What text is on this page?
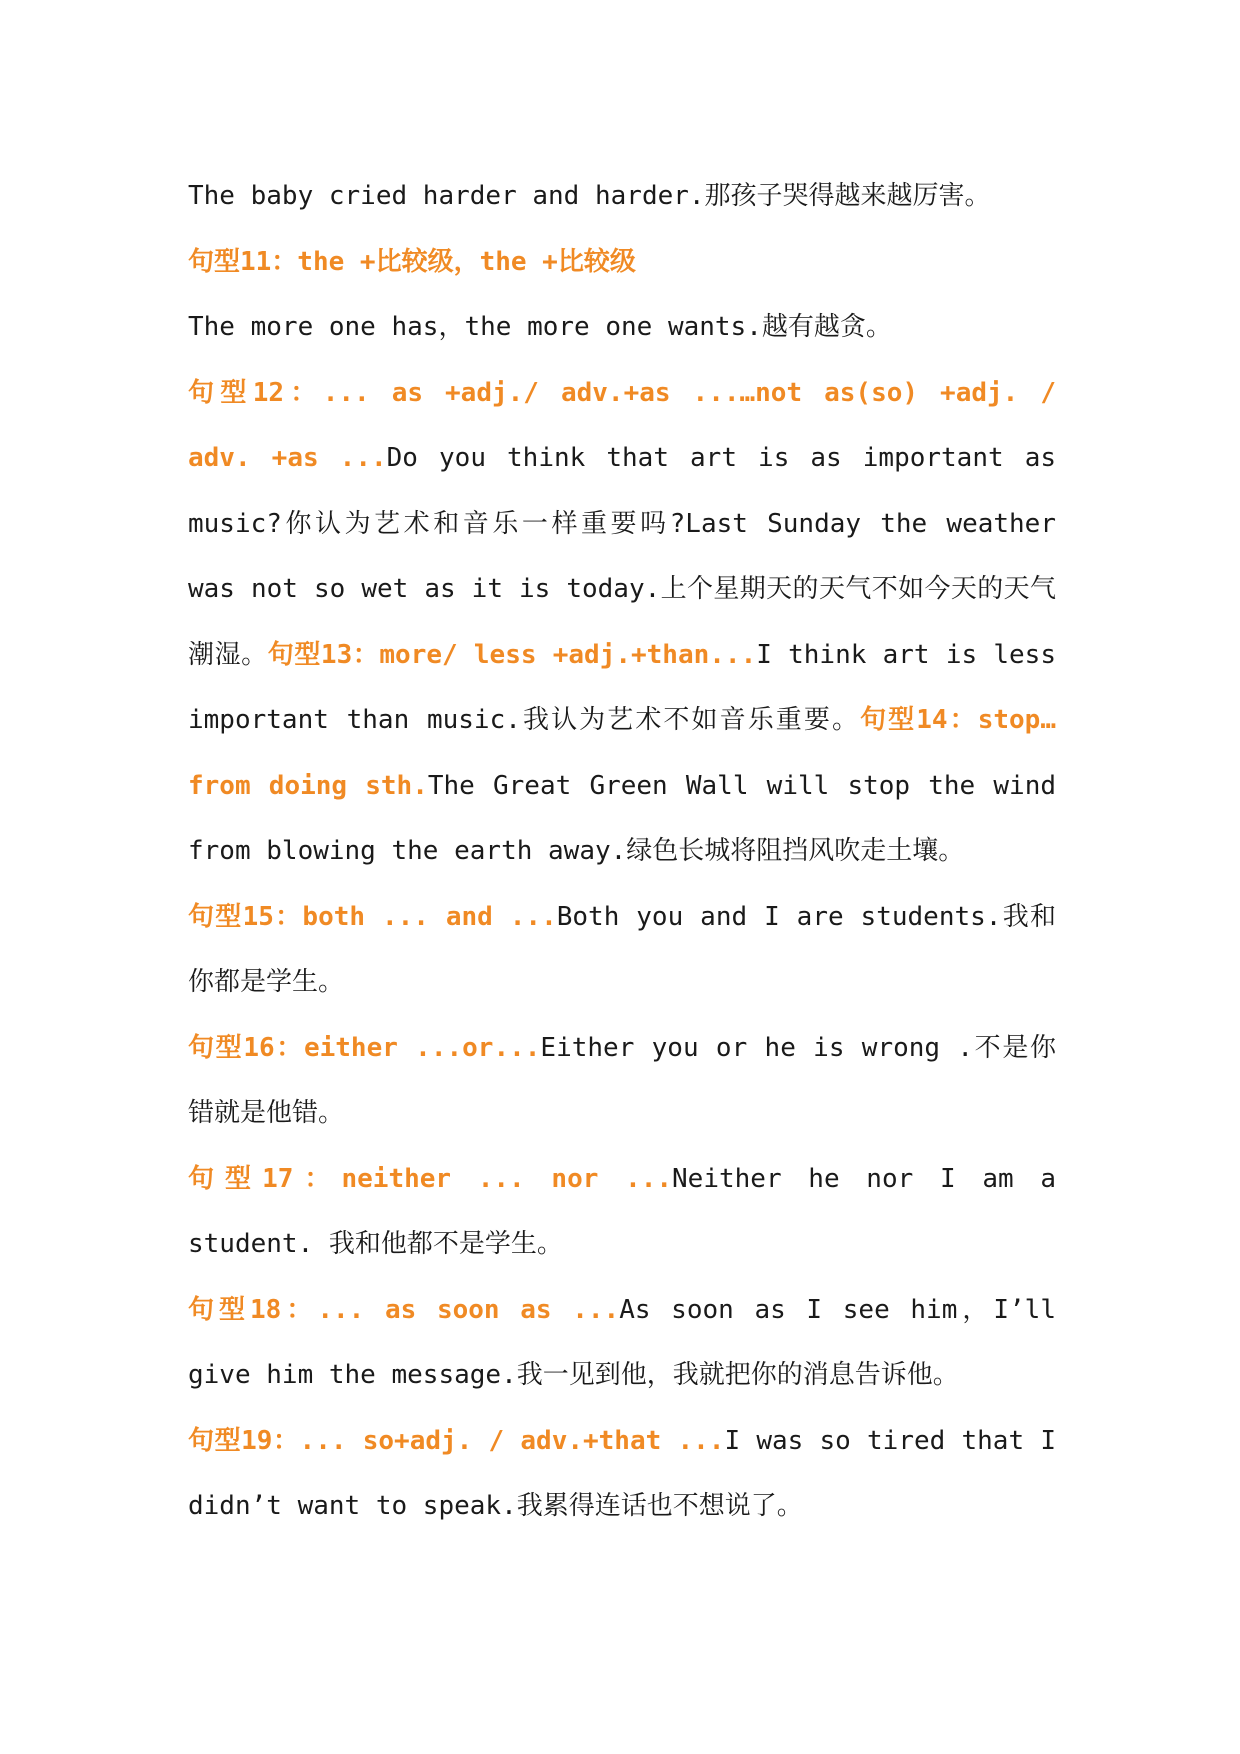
The baby cried harder and harder.那孩子哭得越来越厉害。

句型11：the +比较级，the +比较级

The more one has，the more one wants.越有越贪。

句型12：... as +adj./ adv.+as ...…not as(so) +adj. / adv. +as ...Do you think that art is as important as music?你认为艺术和音乐一样重要吗?Last Sunday the weather was not so wet as it is today.上个星期天的天气不如今天的天气潮湿。句型13：more/ less +adj.+than...I think art is less important than music.我认为艺术不如音乐重要。句型14：stop…from doing sth.The Great Green Wall will stop the wind from blowing the earth away.绿色长城将阻挡风吹走土壤。

句型15：both ... and ...Both you and I are students.我和你都是学生。

句型16：either ...or...Either you or he is wrong .不是你错就是他错。

句型17：neither ... nor ...Neither he nor I am a student. 我和他都不是学生。

句型18：... as soon as ...As soon as I see him，I’ll give him the message.我一见到他，我就把你的消息告诉他。

句型19：... so+adj. / adv.+that ...I was so tired that I didn’t want to speak.我累得连话也不想说了。
